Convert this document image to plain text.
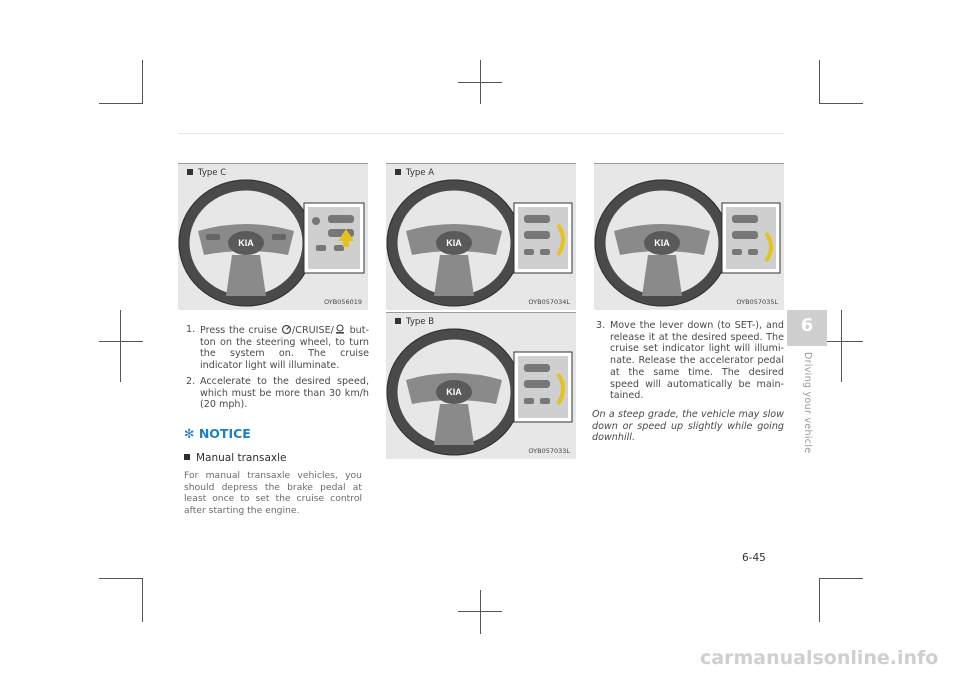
KIA
Type C
OYB056019
KIA
Type A
OYB057034L
KIA
Type B
OYB057033L
KIA
OYB057035L
1. Press the cruise /CRUISE/ but-ton on the steering wheel, to turn the system on. The cruise indicator light will illuminate.
2. Accelerate to the desired speed, which must be more than 30 km/h (20 mph).
✻ NOTICE
Manual transaxle
For manual transaxle vehicles, you should depress the brake pedal at least once to set the cruise control after starting the engine.
3. Move the lever down (to SET-), and release it at the desired speed. The cruise set indicator light will illumi-nate. Release the accelerator pedal at the same time. The desired speed will automatically be main-tained.
On a steep grade, the vehicle may slow down or speed up slightly while going downhill.
6
Driving your vehicle
6-45
carmanualsonline.info
